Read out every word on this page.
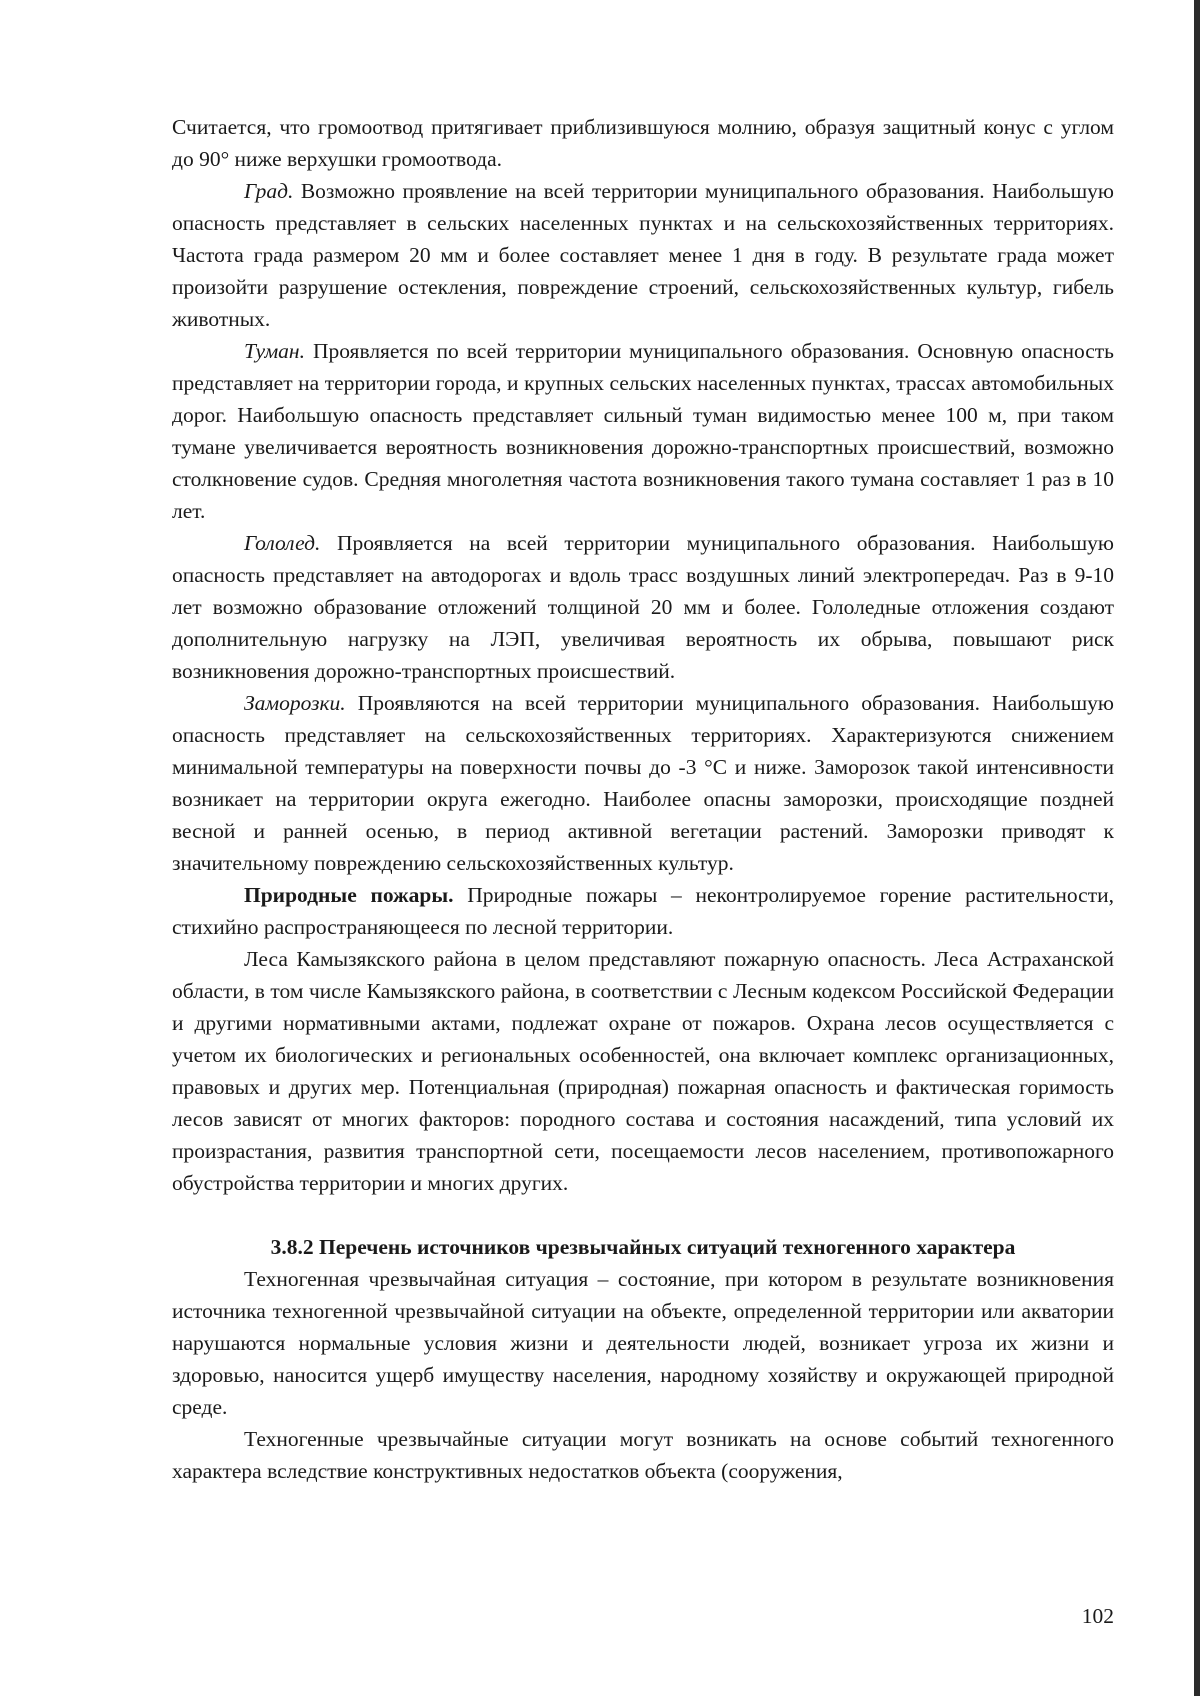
Считается, что громоотвод притягивает приблизившуюся молнию, образуя защитный конус с углом до 90° ниже верхушки громоотвода.

Град. Возможно проявление на всей территории муниципального образования. Наибольшую опасность представляет в сельских населенных пунктах и на сельскохозяйственных территориях. Частота града размером 20 мм и более составляет менее 1 дня в году. В результате града может произойти разрушение остекления, повреждение строений, сельскохозяйственных культур, гибель животных.

Туман. Проявляется по всей территории муниципального образования. Основную опасность представляет на территории города, и крупных сельских населенных пунктах, трассах автомобильных дорог. Наибольшую опасность представляет сильный туман видимостью менее 100 м, при таком тумане увеличивается вероятность возникновения дорожно-транспортных происшествий, возможно столкновение судов. Средняя многолетняя частота возникновения такого тумана составляет 1 раз в 10 лет.

Гололед. Проявляется на всей территории муниципального образования. Наибольшую опасность представляет на автодорогах и вдоль трасс воздушных линий электропередач. Раз в 9-10 лет возможно образование отложений толщиной 20 мм и более. Гололедные отложения создают дополнительную нагрузку на ЛЭП, увеличивая вероятность их обрыва, повышают риск возникновения дорожно-транспортных происшествий.

Заморозки. Проявляются на всей территории муниципального образования. Наибольшую опасность представляет на сельскохозяйственных территориях. Характеризуются снижением минимальной температуры на поверхности почвы до -3 °С и ниже. Заморозок такой интенсивности возникает на территории округа ежегодно. Наиболее опасны заморозки, происходящие поздней весной и ранней осенью, в период активной вегетации растений. Заморозки приводят к значительному повреждению сельскохозяйственных культур.

Природные пожары. Природные пожары – неконтролируемое горение растительности, стихийно распространяющееся по лесной территории.

Леса Камызякского района в целом представляют пожарную опасность. Леса Астраханской области, в том числе Камызякского района, в соответствии с Лесным кодексом Российской Федерации и другими нормативными актами, подлежат охране от пожаров. Охрана лесов осуществляется с учетом их биологических и региональных особенностей, она включает комплекс организационных, правовых и других мер. Потенциальная (природная) пожарная опасность и фактическая горимость лесов зависят от многих факторов: породного состава и состояния насаждений, типа условий их произрастания, развития транспортной сети, посещаемости лесов населением, противопожарного обустройства территории и многих других.

3.8.2 Перечень источников чрезвычайных ситуаций техногенного характера

Техногенная чрезвычайная ситуация – состояние, при котором в результате возникновения источника техногенной чрезвычайной ситуации на объекте, определенной территории или акватории нарушаются нормальные условия жизни и деятельности людей, возникает угроза их жизни и здоровью, наносится ущерб имуществу населения, народному хозяйству и окружающей природной среде.

Техногенные чрезвычайные ситуации могут возникать на основе событий техногенного характера вследствие конструктивных недостатков объекта (сооружения,

102
